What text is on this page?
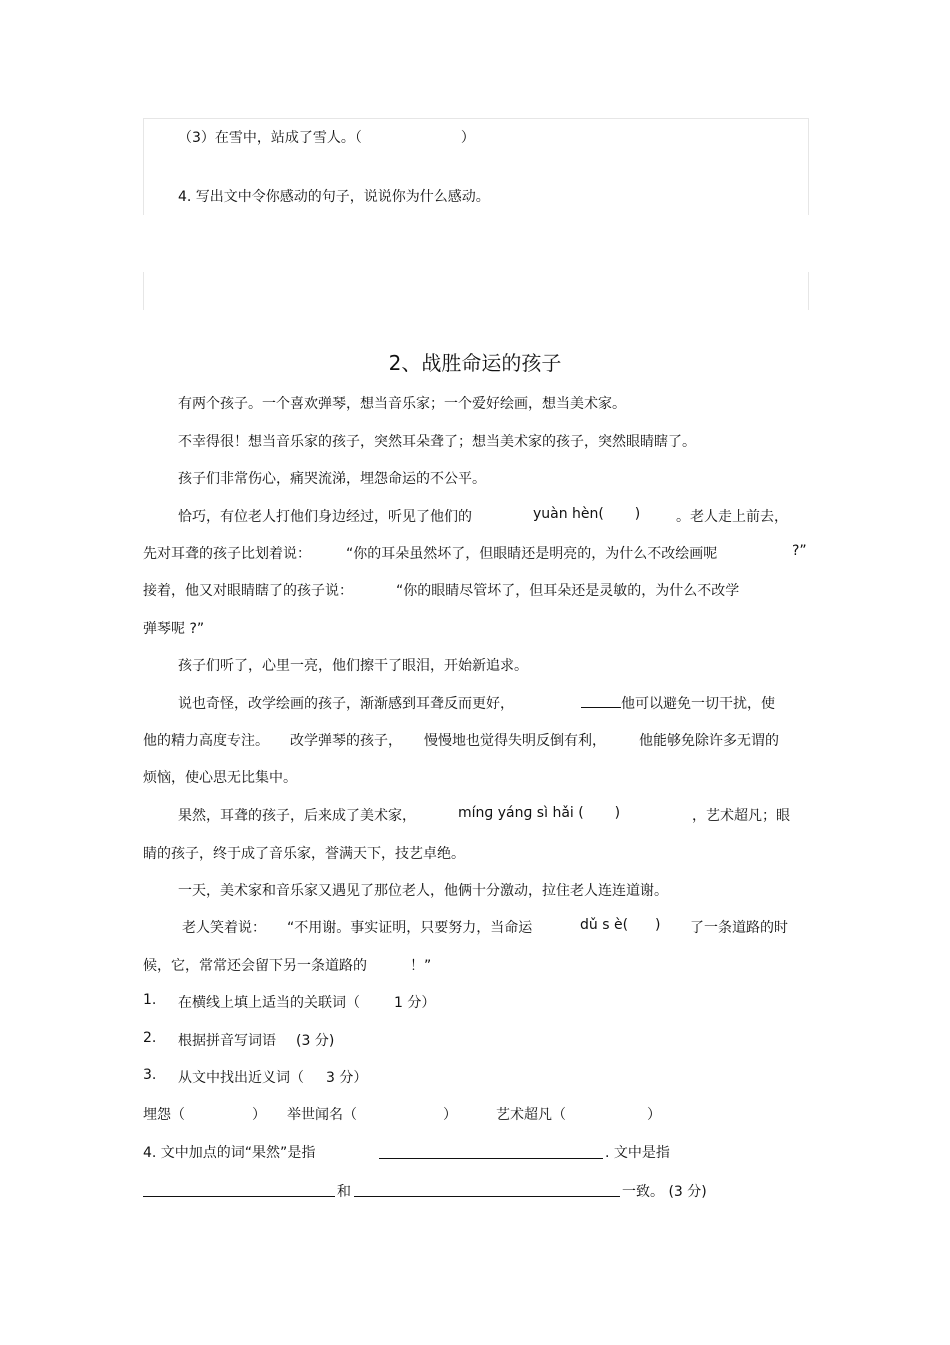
（3）在雪中，站成了雪人。（	）
4. 写出文中令你感动的句子，说说你为什么感动。
2、战胜命运的孩子
有两个孩子。一个喜欢弹琴，想当音乐家；一个爱好绘画，想当美术家。
不幸得很！想当音乐家的孩子，突然耳朵聋了；想当美术家的孩子，突然眼睛瞎了。
孩子们非常伤心，痛哭流涕，埋怨命运的不公平。
恰巧，有位老人打他们身边经过，听见了他们的	yuàn hèn( )	。老人走上前去，
先对耳聋的孩子比划着说：	“你的耳朵虽然坏了，但眼睛还是明亮的，为什么不改绘画呢	?”
接着，他又对眼睛瞎了的孩子说：	“你的眼睛尽管坏了，但耳朵还是灵敏的，为什么不改学
弹琴呢 ?”
孩子们听了，心里一亮，他们擦干了眼泪，开始新追求。
说也奇怪，改学绘画的孩子，渐渐感到耳聋反而更好，	他可以避免一切干扰，使
他的精力高度专注。 改学弹琴的孩子， 慢慢地也觉得失明反倒有利， 他能够免除许多无谓的
烦恼，使心思无比集中。
果然，耳聋的孩子，后来成了美术家，	mínɡ yánɡ sì hǎi ( )	，艺术超凡；眼
睛的孩子，终于成了音乐家，誉满天下，技艺卓绝。
一天，美术家和音乐家又遇见了那位老人，他俩十分激动，拉住老人连连道谢。
老人笑着说： “不用谢。事实证明，只要努力，当命运	dǔ s è( ) 了一条道路的时
候，它，常常还会留下另一条道路的	！”
1. 在横线上填上适当的关联词（ 1 分）
2. 根据拼音写词语 (3 分)
3. 从文中找出近义词（ 3 分）
埋怨（	） 举世闻名（	）	艺术超凡（	）
4. 文中加点的词“果然”是指	. 文中是指
和	一致。 (3 分)
